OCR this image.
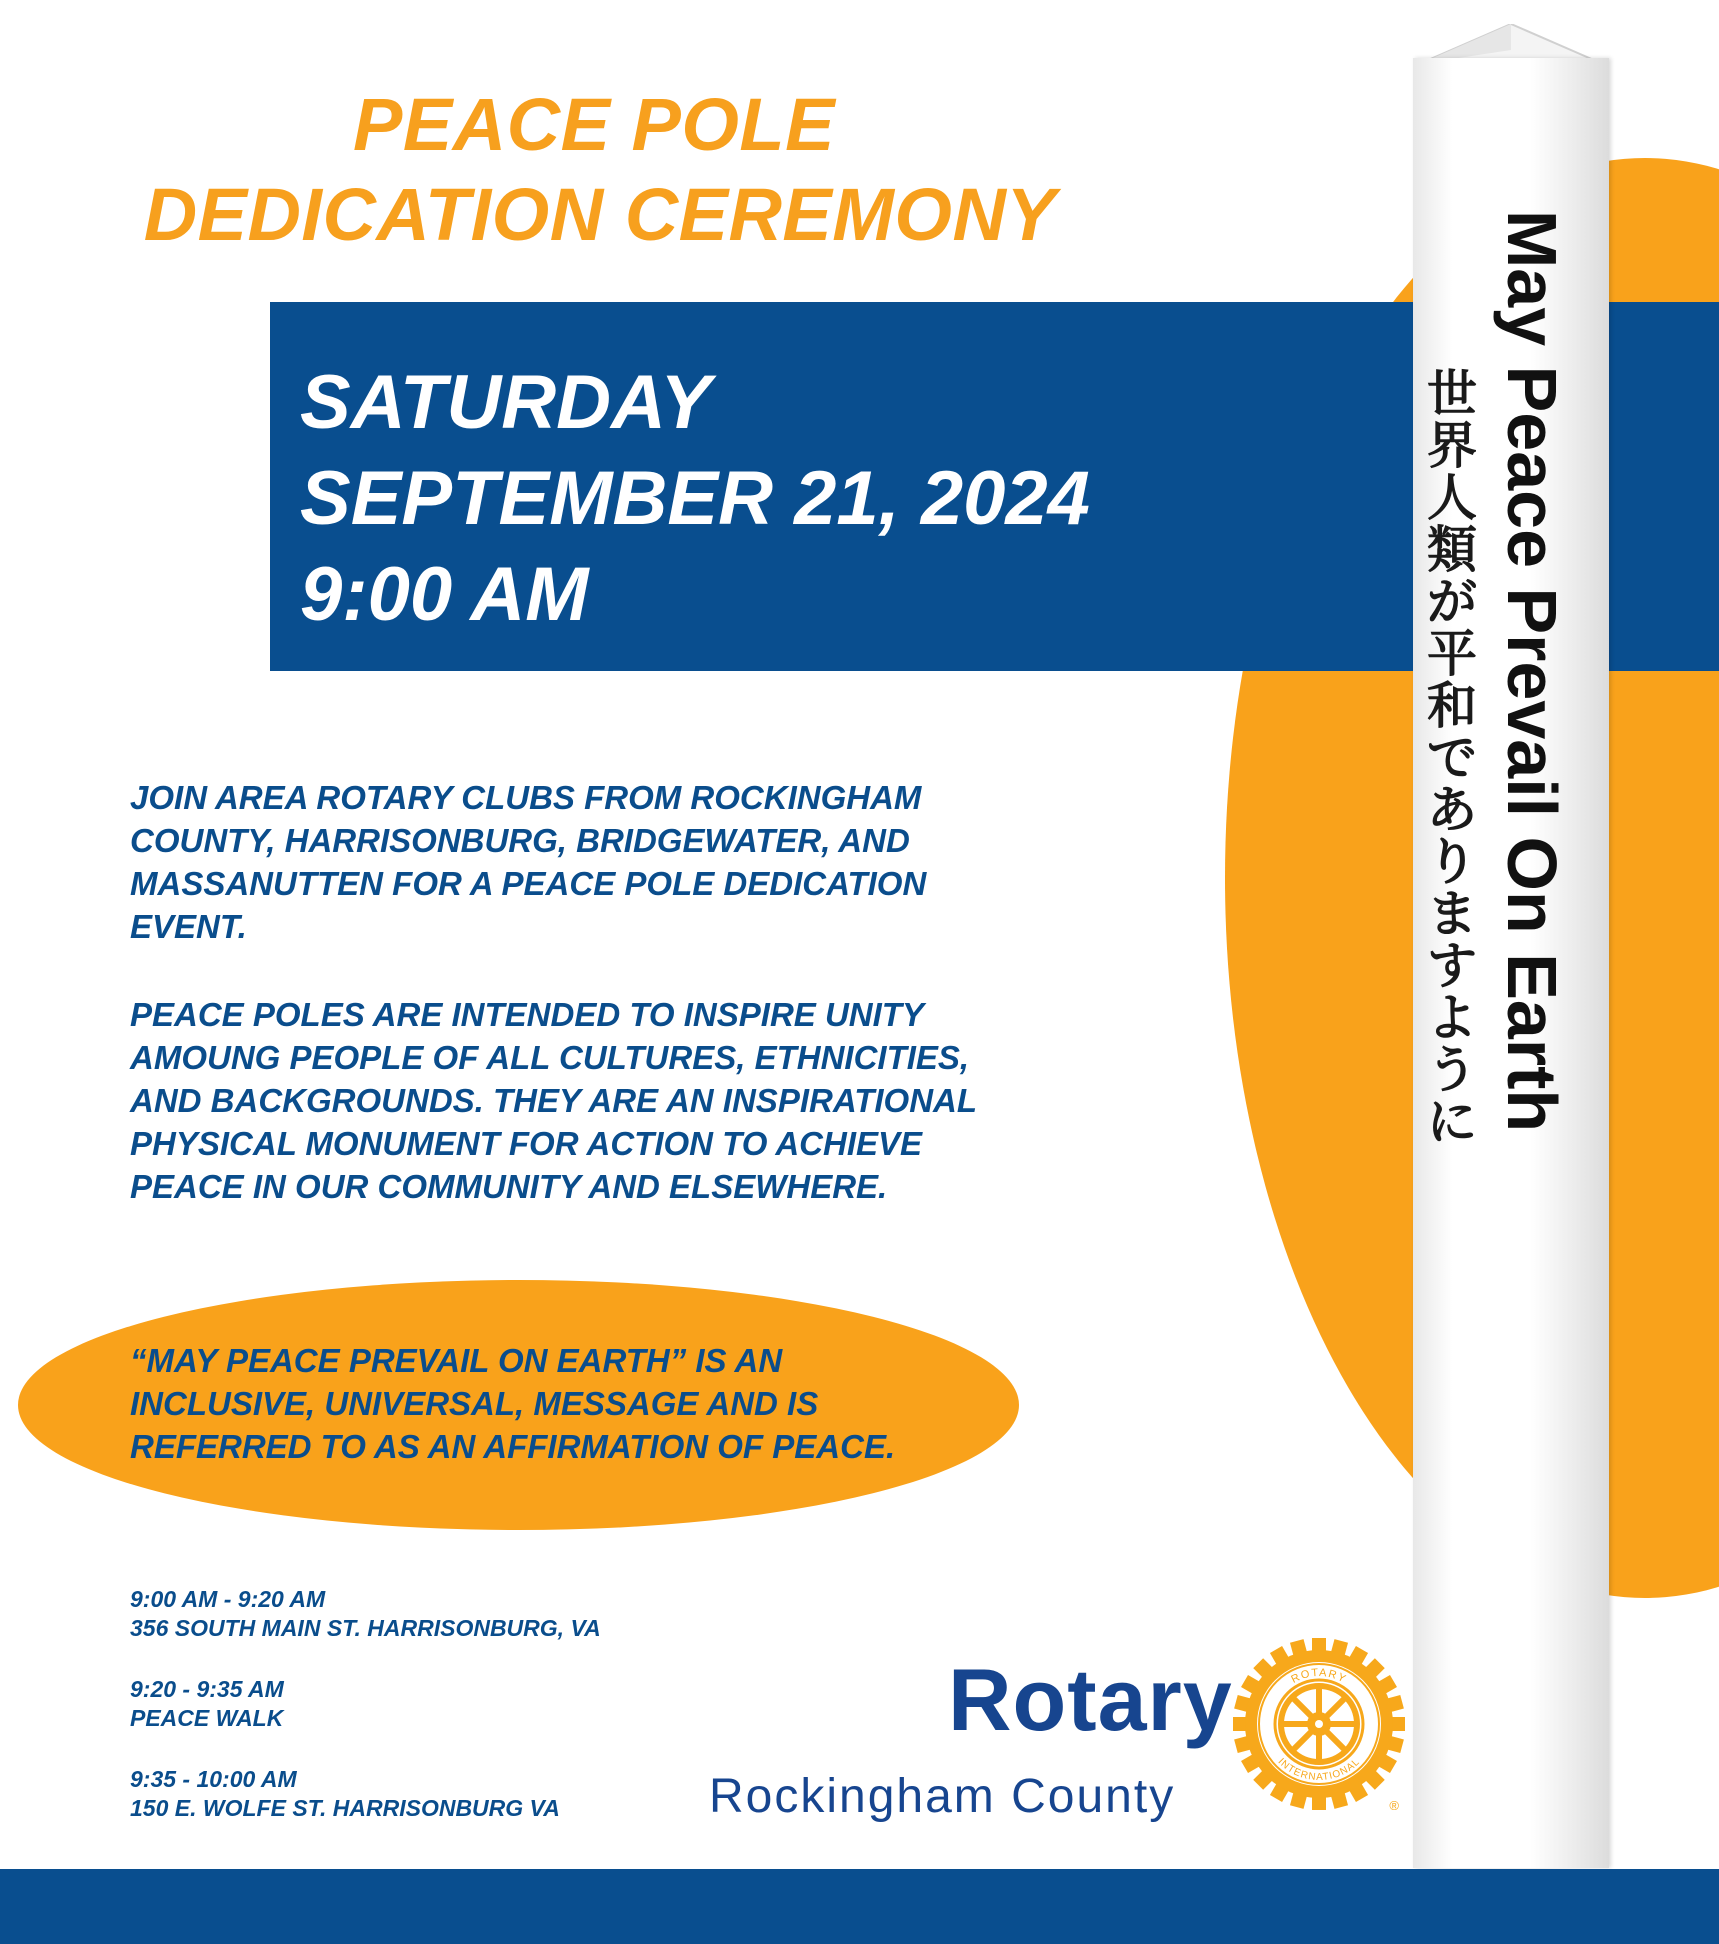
PEACE POLE
DEDICATION CEREMONY
SATURDAY
SEPTEMBER 21, 2024
9:00 AM
JOIN AREA ROTARY CLUBS FROM ROCKINGHAM COUNTY, HARRISONBURG, BRIDGEWATER, AND MASSANUTTEN FOR A PEACE POLE DEDICATION EVENT.
PEACE POLES ARE INTENDED TO INSPIRE UNITY AMOUNG PEOPLE OF ALL CULTURES, ETHNICITIES, AND BACKGROUNDS. THEY ARE AN INSPIRATIONAL PHYSICAL MONUMENT FOR ACTION TO ACHIEVE PEACE IN OUR COMMUNITY AND ELSEWHERE.
“MAY PEACE PREVAIL ON EARTH” IS AN INCLUSIVE, UNIVERSAL, MESSAGE AND IS REFERRED TO AS AN AFFIRMATION OF PEACE.
9:00 AM - 9:20 AM
356 SOUTH MAIN ST. HARRISONBURG, VA
9:20 - 9:35 AM
PEACE WALK
9:35 - 10:00 AM
150 E. WOLFE ST. HARRISONBURG VA
Rotary
Rockingham County
ROTARY
INTERNATIONAL
®
May Peace Prevail On Earth
世
界
人
類
が
平
和
で
あ
り
ま
す
よ
う
に
